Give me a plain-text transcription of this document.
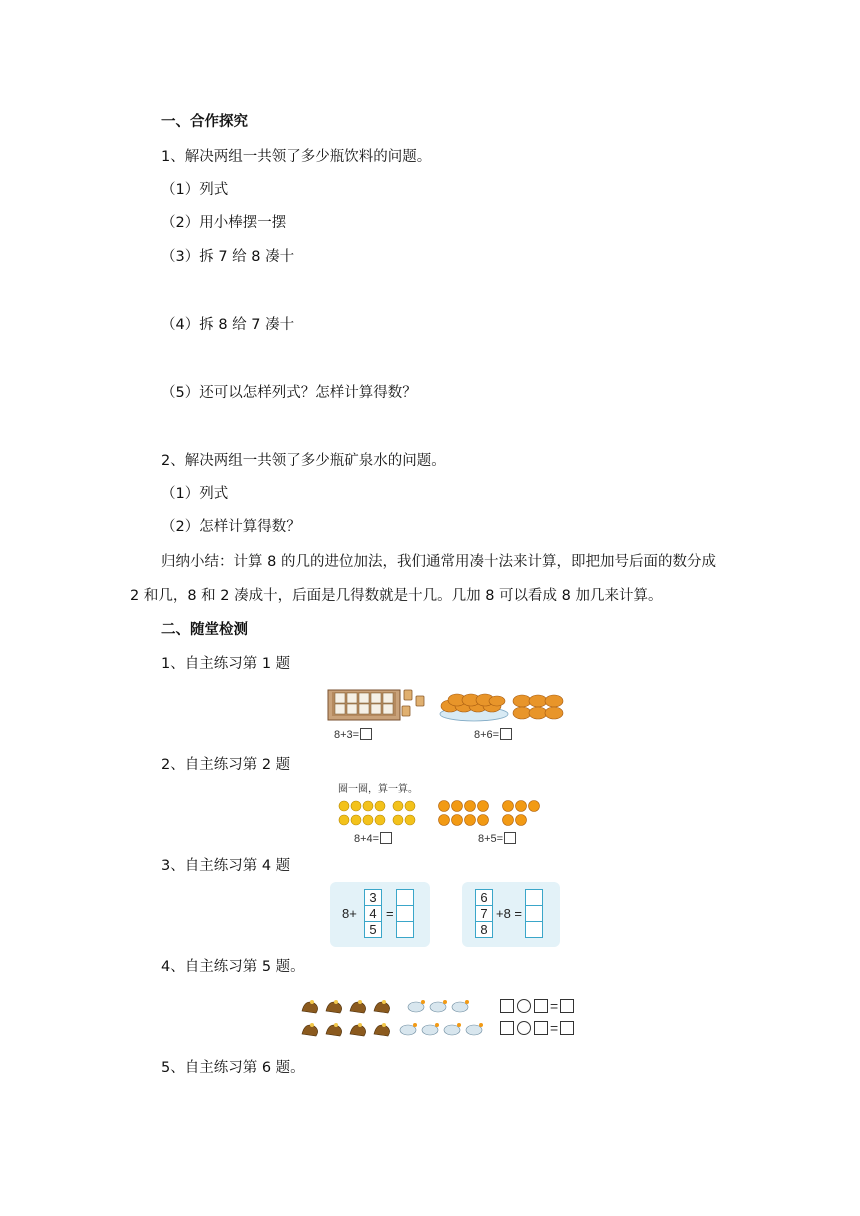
一、合作探究
1、解决两组一共领了多少瓶饮料的问题。
（1）列式
（2）用小棒摆一摆
（3）拆 7 给 8 凑十
（4）拆 8 给 7 凑十
（5）还可以怎样列式？怎样计算得数？
2、解决两组一共领了多少瓶矿泉水的问题。
（1）列式
（2）怎样计算得数？
归纳小结：计算 8 的几的进位加法，我们通常用凑十法来计算，即把加号后面的数分成
2 和几，8 和 2 凑成十，后面是几得数就是十几。几加 8 可以看成 8 加几来计算。
二、随堂检测
1、自主练习第 1 题
8+3=	8+6=
2、自主练习第 2 题
圈一圈，算一算。
8+4=	8+5=
3、自主练习第 4 题
8+
3
4
5
=
6
7
8
+8 =
4、自主练习第 5 题。
=
=
5、自主练习第 6 题。
